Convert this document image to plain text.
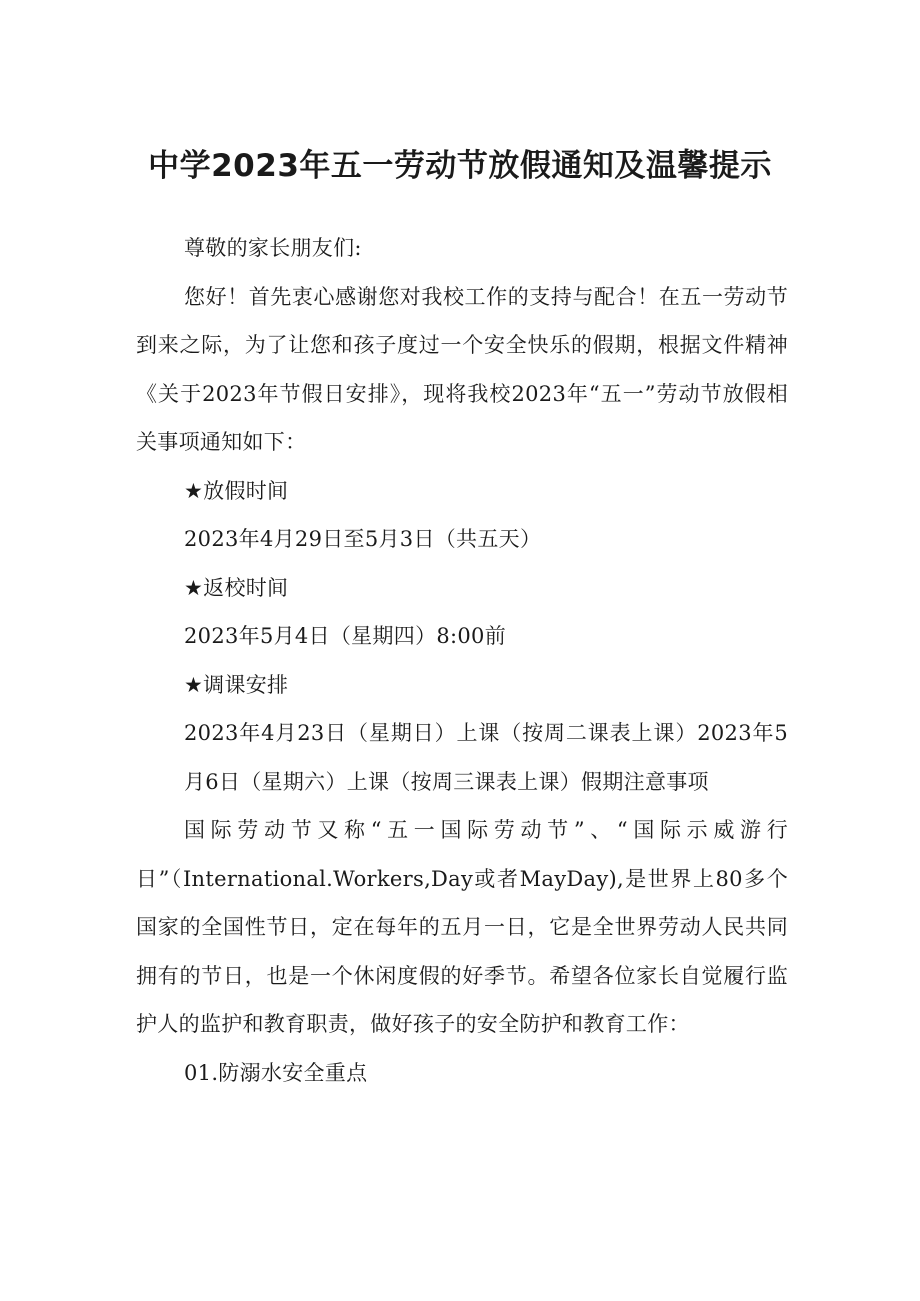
中学2023年五一劳动节放假通知及温馨提示

尊敬的家长朋友们:

您好！首先衷心感谢您对我校工作的支持与配合！在五一劳动节到来之际，为了让您和孩子度过一个安全快乐的假期，根据文件精神《关于2023年节假日安排》，现将我校2023年“五一”劳动节放假相关事项通知如下：

★放假时间

2023年4月29日至5月3日（共五天）

★返校时间

2023年5月4日（星期四）8:00前

★调课安排

2023年4月23日（星期日）上课（按周二课表上课）2023年5月6日（星期六）上课（按周三课表上课）假期注意事项

国际劳动节又称“五一国际劳动节”、“国际示威游行日”（International.Workers,Day或者MayDay),是世界上80多个国家的全国性节日，定在每年的五月一日，它是全世界劳动人民共同拥有的节日，也是一个休闲度假的好季节。希望各位家长自觉履行监护人的监护和教育职责，做好孩子的安全防护和教育工作：

01.防溺水安全重点
